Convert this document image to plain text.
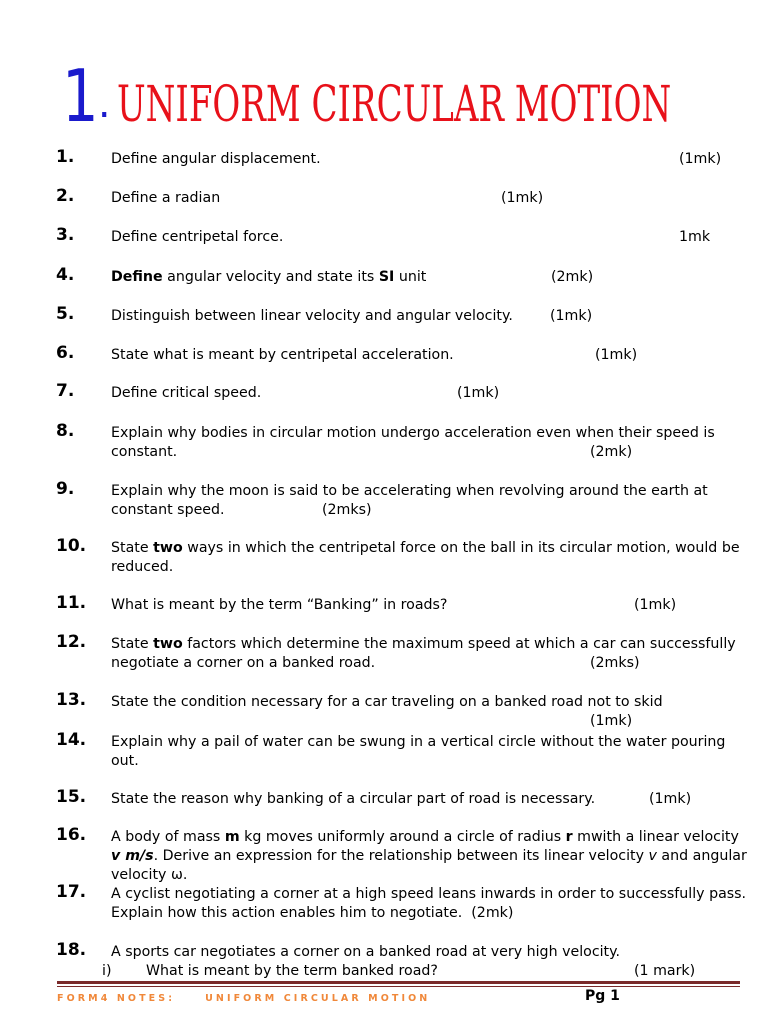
1. UNIFORM CIRCULAR MOTION
1.	Define angular displacement.	(1mk)
2.	Define a radian	(1mk)
3.	Define centripetal force.	1mk
4.	Define angular velocity and state its SI unit	(2mk)
5.	Distinguish between linear velocity and angular velocity.	(1mk)
6.	State what is meant by centripetal acceleration.	(1mk)
7.	Define critical speed.	(1mk)
8.	Explain why bodies in circular motion undergo acceleration even when their speed is constant.	(2mk)
9.	Explain why the moon is said to be accelerating when revolving around the earth at constant speed.	(2mks)
10. State two ways in which the centripetal force on the ball in its circular motion, would be reduced.
11. What is meant by the term “Banking” in roads?	(1mk)
12. State two factors which determine the maximum speed at which a car can successfully negotiate a corner on a banked road.	(2mks)
13. State the condition necessary for a car traveling on a banked road not to skid
(1mk)
14. Explain why a pail of water can be swung in a vertical circle without the water pouring out.
15. State the reason why banking of a circular part of road is necessary.	(1mk)
16. A body of mass m kg moves uniformly around a circle of radius r mwith a linear velocity v m/s. Derive an expression for the relationship between its linear velocity v and angular velocity ω.
17. A cyclist negotiating a corner at a high speed leans inwards in order to successfully pass. Explain how this action enables him to negotiate. (2mk)
18. A sports car negotiates a corner on a banked road at very high velocity.
i) What is meant by the term banked road?	(1 mark)
FORM4 NOTES:	UNIFORM CIRCULAR MOTION	Pg 1
